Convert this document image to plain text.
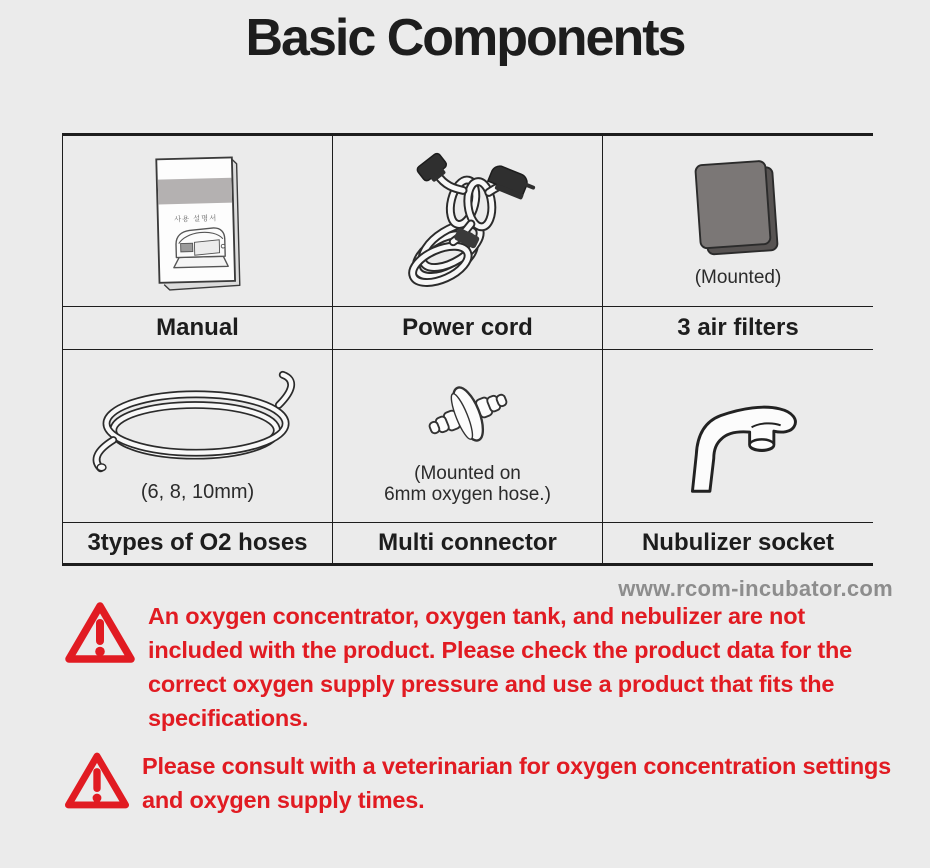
Basic Components
사용 설명서
(Mounted)
Manual	Power cord	3 air filters
(6, 8, 10mm)
(Mounted on
6mm oxygen hose.)
3types of O2 hoses	Multi connector	Nubulizer socket
www.rcom-incubator.com
An oxygen concentrator, oxygen tank, and nebulizer are not included with the product. Please check the product data for the correct oxygen supply pressure and use a product that fits the specifications.
Please consult with a veterinarian for oxygen concentration settings and oxygen supply times.
